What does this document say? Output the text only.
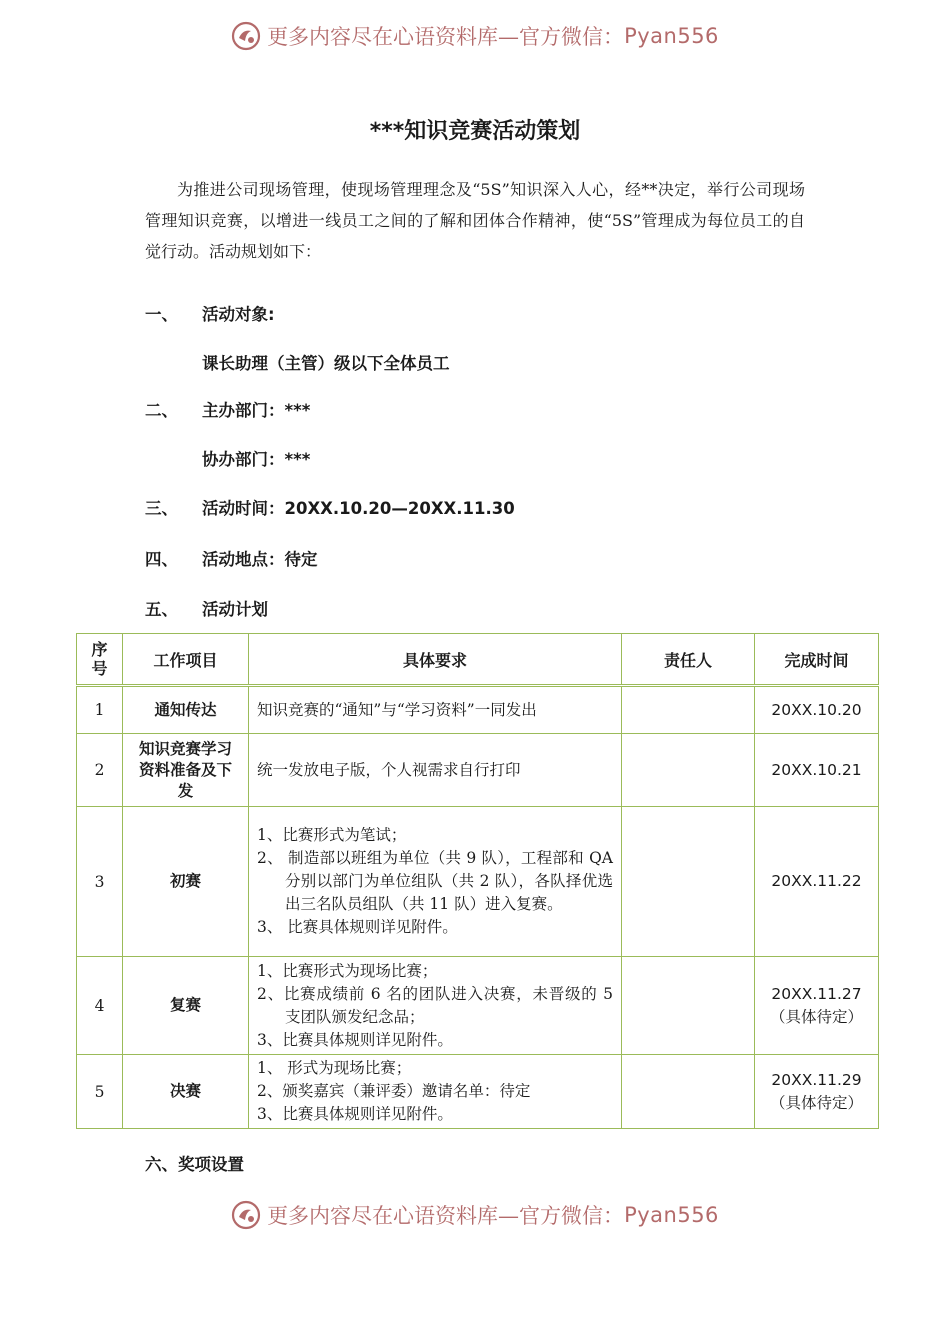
更多内容尽在心语资料库—官方微信： Pyan556
***知识竞赛活动策划

为推进公司现场管理，使现场管理理念及“5S”知识深入人心，经**决定，举行公司现场管理知识竞赛，以增进一线员工之间的了解和团体合作精神，使“5S”管理成为每位员工的自觉行动。活动规划如下：

一、 活动对象:
课长助理（主管）级以下全体员工
二、 主办部门：***
协办部门：***
三、 活动时间：20XX.10.20—20XX.11.30
四、 活动地点：待定
五、 活动计划
序号	工作项目	具体要求	责任人	完成时间
1	通知传达	知识竞赛的“通知”与“学习资料”一同发出		20XX.10.20
2	知识竞赛学习资料准备及下发	统一发放电子版，个人视需求自行打印		20XX.10.21
3	初赛	1、比赛形式为笔试；
2、 制造部以班组为单位（共 9 队），工程部和 QA 分别以部门为单位组队（共 2 队），各队择优选出三名队员组队（共 11 队）进入复赛。
3、 比赛具体规则详见附件。		20XX.11.22
4	复赛	1、比赛形式为现场比赛；
2、比赛成绩前 6 名的团队进入决赛，未晋级的 5 支团队颁发纪念品；
3、比赛具体规则详见附件。		20XX.11.27
（具体待定）

5	决赛	1、 形式为现场比赛；
2、颁奖嘉宾（兼评委）邀请名单：待定
3、比赛具体规则详见附件。		20XX.11.29
（具体待定）
六、奖项设置
更多内容尽在心语资料库—官方微信： Pyan556
